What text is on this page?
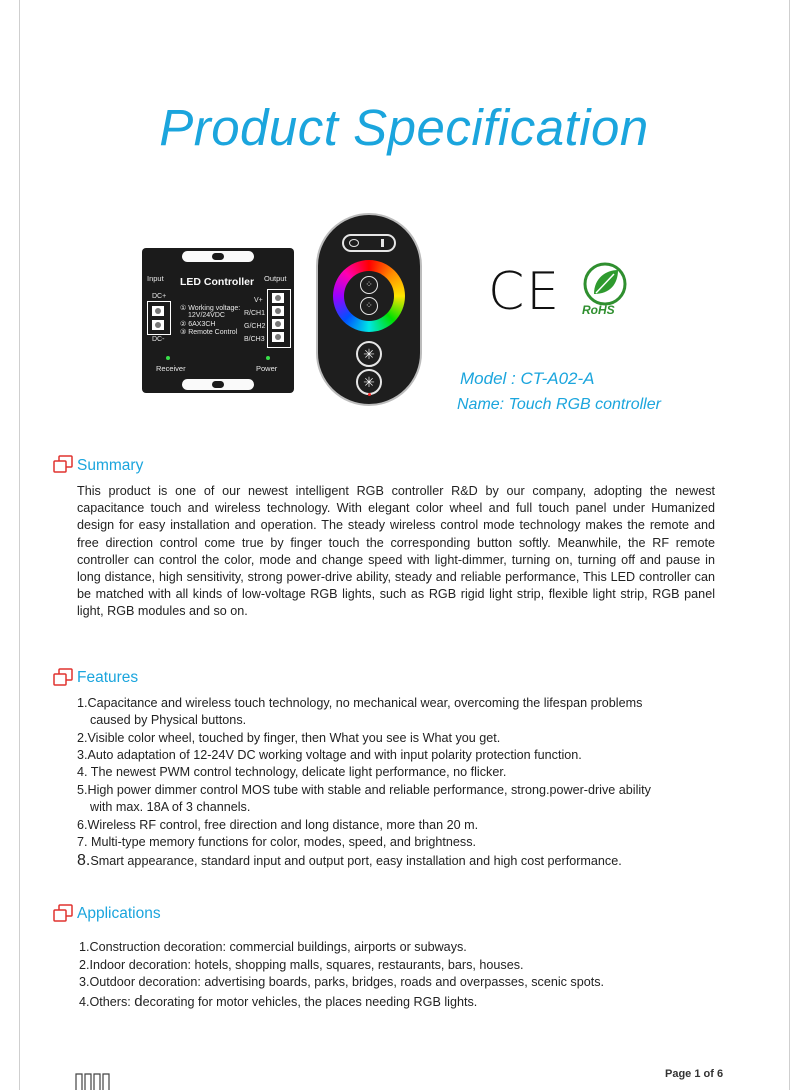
Product Specification
Input	Output
LED Controller
DC+
DC-
① Working voltage:
12V/24VDC
② 6AX3CH
③ Remote Control
V+
R/CH1
G/CH2
B/CH3
Receiver	Power
⁘
⁘
✳
✳
CE RoHS
Model : CT-A02-A
Name: Touch RGB controller
Summary
This product is one of our newest intelligent RGB controller R&D by our company, adopting the newest capacitance touch and wireless technology. With elegant color wheel and full touch panel under Humanized design for easy installation and operation. The steady wireless control mode technology makes the remote and free direction control come true by finger touch the corresponding button softly. Meanwhile, the RF remote controller can control the color, mode and change speed with light-dimmer, turning on, turning off and pause in long distance, high sensitivity, strong power-drive ability, steady and reliable performance, This LED controller can be matched with all kinds of low-voltage RGB lights, such as RGB rigid light strip, flexible light strip, RGB panel light, RGB modules and so on.
Features
1.Capacitance and wireless touch technology, no mechanical wear, overcoming the lifespan problems
caused by Physical buttons.
2.Visible color wheel, touched by finger, then What you see is What you get.
3.Auto adaptation of 12-24V DC working voltage and with input polarity protection function.
4. The newest PWM control technology, delicate light performance, no flicker.
5.High power dimmer control MOS tube with stable and reliable performance, strong.power-drive ability
with max. 18A of 3 channels.
6.Wireless RF control, free direction and long distance, more than 20 m.
7. Multi-type memory functions for color, modes, speed, and brightness.
8.Smart appearance, standard input and output port, easy installation and high cost performance.
Applications
1.Construction decoration: commercial buildings, airports or subways.
2.Indoor decoration: hotels, shopping malls, squares, restaurants, bars, houses.
3.Outdoor decoration: advertising boards, parks, bridges, roads and overpasses, scenic spots.
4.Others: decorating for motor vehicles, the places needing RGB lights.
Page 1 of 6
